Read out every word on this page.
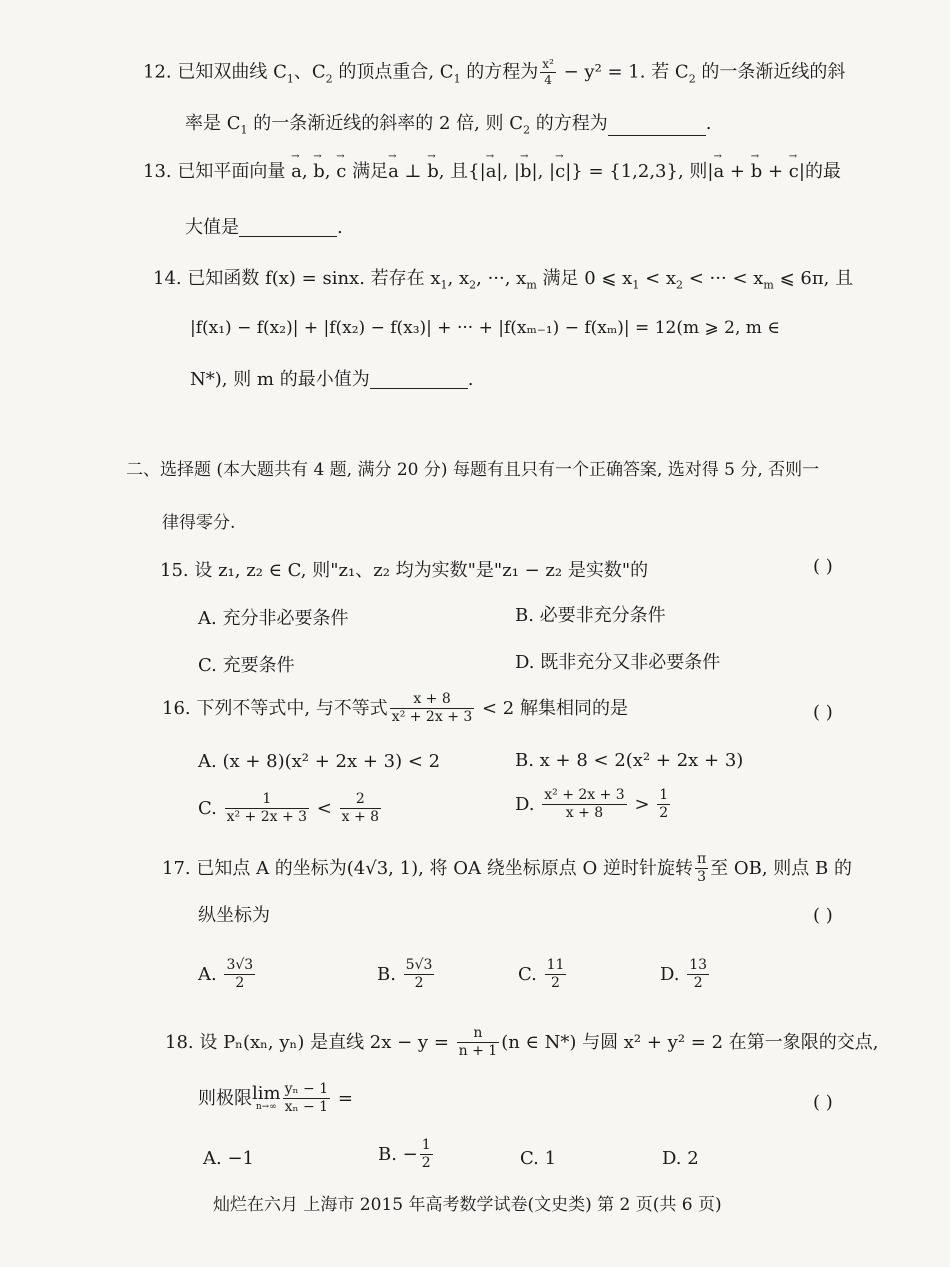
12. 已知双曲线 $C_1$、$C_2$ 的顶点重合, $C_1$ 的方程为 $\frac{\text{x²}}{4} - y^2 = 1$. 若 $C_2$ 的一条渐近线的斜
率是 $C_1$ 的一条渐近线的斜率的 2 倍, 则 $C_2$ 的方程为	.
13. 已知平面向量 a →, b →, c → 满足a → ⊥ b →, 且{|a →|, |b →|, |c →|} = {1,2,3}, 则|a → + b → + c →|的最
大值是	.
14. 已知函数 f(x) = sinx. 若存在 $x_1$, $x_2$, ···, $x_m$ 满足 0 ⩽ $x_1 < x_2$ < ··· < $x_m$ ⩽ 6π, 且
|f(x₁) − f(x₂)| + |f(x₂) − f(x₃)| + ··· + |f(xₘ₋₁) − f(xₘ)| = 12(m ⩾ 2, m ∈
N*), 则 m 的最小值为	.
二、选择题 (本大题共有 4 题, 满分 20 分) 每题有且只有一个正确答案, 选对得 5 分, 否则一
律得零分.
15. 设 z₁, z₂ ∈ C, 则"z₁、z₂ 均为实数"是"z₁ − z₂ 是实数"的	( )
A. 充分非必要条件	B. 必要非充分条件
C. 充要条件	D. 既非充分又非必要条件
16. 下列不等式中, 与不等式 $\frac{x + 8}{\text{x² + 2x + 3}} < 2$ 解集相同的是	( )
A. (x + 8)(x² + 2x + 3) < 2	B. x + 8 < 2(x² + 2x + 3)
C. $\frac{1}{\text{x² + 2x + 3}} < \frac{2}{x + 8}$	D. $\frac{\text{x² + 2x + 3}}{x + 8} > \frac{1}{2}$
17. 已知点 A 的坐标为(4√3, 1), 将 OA 绕坐标原点 O 逆时针旋转 $\frac{\pi}{3}$ 至 OB, 则点 B 的
纵坐标为	( )
A. $\frac{3√3}{2}$	B. $\frac{5√3}{2}$	C. $\frac{11}{2}$	D. $\frac{13}{2}$
18. 设 Pₙ(xₙ, yₙ) 是直线 $2x - y = \frac{n}{n + 1} (n$ ∈ N*) 与圆 x² + y² = 2 在第一象限的交点,
则极限lim
$n\to\infty \frac{\text{yₙ − 1}}{\text{xₙ − 1}}$ =	( )
A. −1	B. − $\frac{1}{2}$	C. 1	D. 2
灿烂在六月 上海市 2015 年高考数学试卷(文史类) 第 2 页(共 6 页)
